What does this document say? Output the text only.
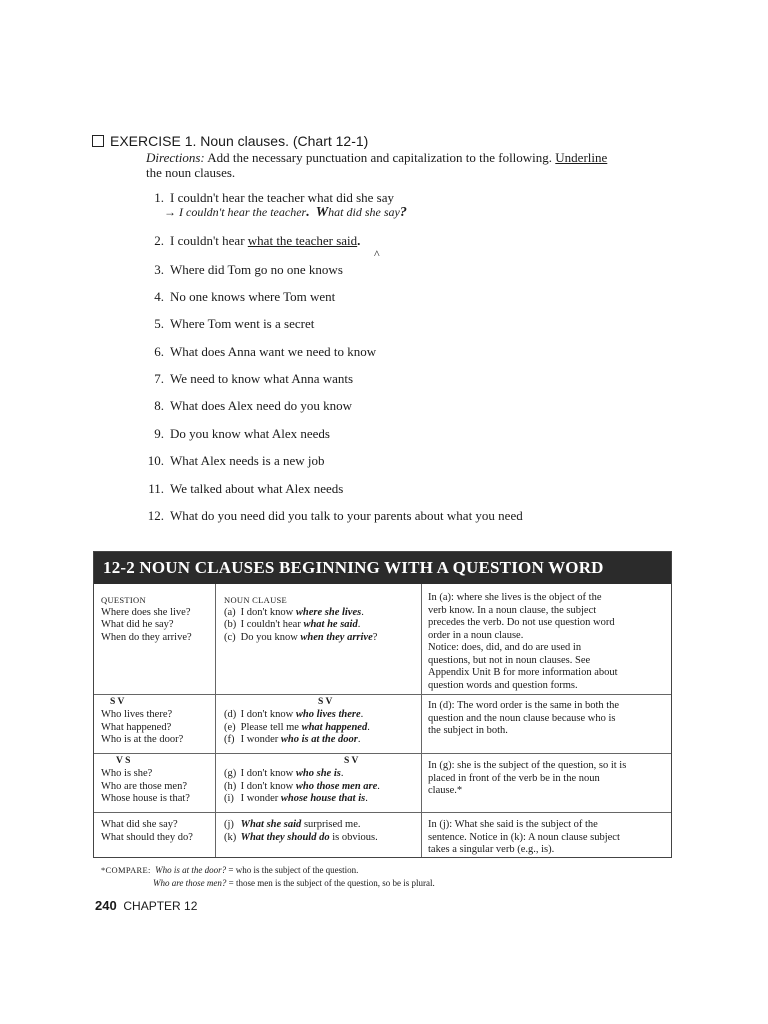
EXERCISE 1. Noun clauses. (Chart 12-1)
Directions: Add the necessary punctuation and capitalization to the following. Underline
the noun clauses.
1. I couldn't hear the teacher what did she say
→ I couldn't hear the teacher. What did she say?
2. I couldn't hear what the teacher said.
^
3. Where did Tom go no one knows
4. No one knows where Tom went
5. Where Tom went is a secret
6. What does Anna want we need to know
7. We need to know what Anna wants
8. What does Alex need do you know
9. Do you know what Alex needs
10. What Alex needs is a new job
11. We talked about what Alex needs
12. What do you need did you talk to your parents about what you need
12-2 NOUN CLAUSES BEGINNING WITH A QUESTION WORD
QUESTION
Where does she live?
What did he say?
When do they arrive?
NOUN CLAUSE
(a) I don't know where she lives.
(b) I couldn't hear what he said.
(c) Do you know when they arrive?
In (a): where she lives is the object of the
verb know. In a noun clause, the subject
precedes the verb. Do not use question word
order in a noun clause.
Notice: does, did, and do are used in
questions, but not in noun clauses. See
Appendix Unit B for more information about
question words and question forms.
S V	S V
Who lives there?
What happened?
Who is at the door?
(d) I don't know who lives there.
(e) Please tell me what happened.
(f) I wonder who is at the door.
In (d): The word order is the same in both the
question and the noun clause because who is
the subject in both.
V S	S V
Who is she?
Who are those men?
Whose house is that?
(g) I don't know who she is.
(h) I don't know who those men are.
(i) I wonder whose house that is.
In (g): she is the subject of the question, so it is
placed in front of the verb be in the noun
clause.*
What did she say?
What should they do?
(j) What she said surprised me.
(k) What they should do is obvious.
In (j): What she said is the subject of the
sentence. Notice in (k): A noun clause subject
takes a singular verb (e.g., is).
*COMPARE: Who is at the door? = who is the subject of the question.
Who are those men? = those men is the subject of the question, so be is plural.
240 CHAPTER 12
